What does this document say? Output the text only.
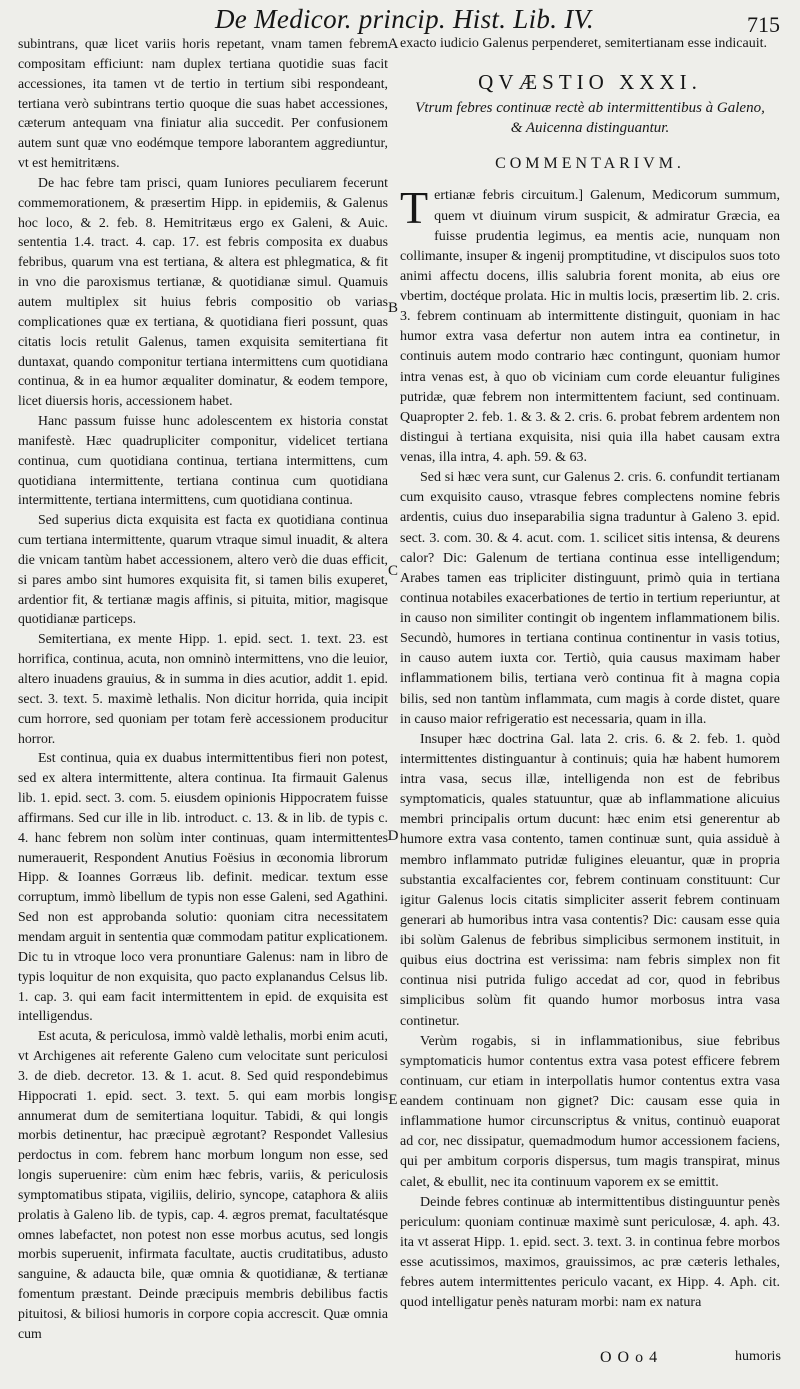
De Medicor. princip. Hist. Lib. IV.	715

subintrans, quæ licet variis horis repetant, vnam tamen febrem compositam efficiunt: nam duplex tertiana quotidie suas facit accessiones, ita tamen vt de tertio in tertium sibi respondeant, tertiana verò subintrans tertio quoque die suas habet accessiones, cæterum antequam vna finiatur alia succedit. Per confusionem autem sunt quæ vno eodémque tempore laborantem aggrediuntur, vt est hemitritæns.

De hac febre tam prisci, quam Iuniores peculiarem fecerunt commemorationem, & præsertim Hipp. in epidemiis, & Galenus hoc loco, & 2. feb. 8. Hemitritæus ergo ex Galeni, & Auic. sententia 1.4. tract. 4. cap. 17. est febris composita ex duabus febribus, quarum vna est tertiana, & altera est phlegmatica, & fit in vno die paroxismus tertianæ, & quotidianæ simul. Quamuis autem multiplex sit huius febris compositio ob varias complicationes quæ ex tertiana, & quotidiana fieri possunt, quas citatis locis retulit Galenus, tamen exquisita semitertiana fit duntaxat, quando componitur tertiana intermittens cum quotidiana continua, & in ea humor æqualiter dominatur, & eodem tempore, licet diuersis horis, accessionem habet.

Hanc passum fuisse hunc adolescentem ex historia constat manifestè. Hæc quadrupliciter componitur, videlicet tertiana continua, cum quotidiana continua, tertiana intermittens, cum quotidiana intermittente, tertiana continua cum quotidiana intermittente, tertiana intermittens, cum quotidiana continua.

Sed superius dicta exquisita est facta ex quotidiana continua cum tertiana intermittente, quarum vtraque simul inuadit, & altera die vnicam tantùm habet accessionem, altero verò die duas efficit, si pares ambo sint humores exquisita fit, si tamen bilis exuperet, ardentior fit, & tertianæ magis affinis, si pituita, mitior, magisque quotidianæ particeps.

Semitertiana, ex mente Hipp. 1. epid. sect. 1. text. 23. est horrifica, continua, acuta, non omninò intermittens, vno die leuior, altero inuadens grauius, & in summa in dies acutior, addit 1. epid. sect. 3. text. 5. maximè lethalis. Non dicitur horrida, quia incipit cum horrore, sed quoniam per totam ferè accessionem producitur horror.

Est continua, quia ex duabus intermittentibus fieri non potest, sed ex altera intermittente, altera continua. Ita firmauit Galenus lib. 1. epid. sect. 3. com. 5. eiusdem opinionis Hippocratem fuisse affirmans. Sed cur ille in lib. introduct. c. 13. & in lib. de typis c. 4. hanc febrem non solùm inter continuas, quam intermittentes numerauerit, Respondent Anutius Foësius in œconomia librorum Hipp. & Ioannes Gorræus lib. definit. medicar. textum esse corruptum, immò libellum de typis non esse Galeni, sed Agathini. Sed non est approbanda solutio: quoniam citra necessitatem mendam arguit in sententia quæ commodam patitur explicationem. Dic tu in vtroque loco vera pronuntiare Galenus: nam in libro de typis loquitur de non exquisita, quo pacto explanandus Celsus lib. 1. cap. 3. qui eam facit intermittentem in epid. de exquisita est intelligendus.

Est acuta, & periculosa, immò valdè lethalis, morbi enim acuti, vt Archigenes ait referente Galeno cum velocitate sunt periculosi 3. de dieb. decretor. 13. & 1. acut. 8. Sed quid respondebimus Hippocrati 1. epid. sect. 3. text. 5. qui eam morbis longis annumerat dum de semitertiana loquitur. Tabidi, & qui longis morbis detinentur, hac præcipuè ægrotant? Respondet Vallesius perdoctus in com. febrem hanc morbum longum non esse, sed longis superuenire: cùm enim hæc febris, variis, & periculosis symptomatibus stipata, vigiliis, delirio, syncope, cataphora & aliis prolatis à Galeno lib. de typis, cap. 4. ægros premat, facultatésque omnes labefactet, non potest non esse morbus acutus, sed longis morbis superuenit, infirmata facultate, auctis cruditatibus, adusto sanguine, & adaucta bile, quæ omnia & quotidianæ, & tertianæ fomentum præstant. Deinde præcipuis membris debilibus factis pituitosi, & biliosi humoris in corpore copia accrescit. Quæ omnia cum

A
B
C
D
E

exacto iudicio Galenus perpenderet, semitertianam esse indicauit.

QVÆSTIO XXXI.
Vtrum febres continuæ rectè ab intermittentibus à Galeno, & Auicenna distinguantur.
COMMENTARIVM.

Tertianæ febris circuitum.] Galenum, Medicorum summum, quem vt diuinum virum suspicit, & admiratur Græcia, ea fuisse prudentia legimus, ea mentis acie, nunquam non collimante, insuper & ingenij promptitudine, vt discipulos suos toto animi affectu docens, illis salubria forent monita, ab eius ore vbertim, doctéque prolata. Hic in multis locis, præsertim lib. 2. cris. 3. febrem continuam ab intermittente distinguit, quoniam in hac humor extra vasa defertur non autem intra ea continetur, in continuis autem modo contrario hæc contingunt, quoniam humor intra venas est, à quo ob viciniam cum corde eleuantur fuligines putridæ, quæ febrem non intermittentem faciunt, sed continuam. Quapropter 2. feb. 1. & 3. & 2. cris. 6. probat febrem ardentem non distingui à tertiana exquisita, nisi quia illa habet causam extra venas, illa intra, 4. aph. 59. & 63.

Sed si hæc vera sunt, cur Galenus 2. cris. 6. confundit tertianam cum exquisito causo, vtrasque febres complectens nomine febris ardentis, cuius duo inseparabilia signa traduntur à Galeno 3. epid. sect. 3. com. 30. & 4. acut. com. 1. scilicet sitis intensa, & deurens calor? Dic: Galenum de tertiana continua esse intelligendum; Arabes tamen eas tripliciter distinguunt, primò quia in tertiana continua notabiles exacerbationes de tertio in tertium reperiuntur, at in causo non similiter contingit ob ingentem inflammationem bilis. Secundò, humores in tertiana continua continentur in vasis totius, in causo autem iuxta cor. Tertiò, quia causus maximam haber inflammationem bilis, tertiana verò continua fit à magna copia bilis, sed non tantùm inflammata, cum magis à corde distet, quare in causo maior refrigeratio est necessaria, quam in illa.

Insuper hæc doctrina Gal. lata 2. cris. 6. & 2. feb. 1. quòd intermittentes distinguantur à continuis; quia hæ habent humorem intra vasa, secus illæ, intelligenda non est de febribus symptomaticis, quales statuuntur, quæ ab inflammatione alicuius membri principalis ortum ducunt: hæc enim etsi generentur ab humore extra vasa contento, tamen continuæ sunt, quia assiduè à membro inflammato putridæ fuligines eleuantur, quæ in propria substantia excalfacientes cor, febrem continuam constituunt: Cur igitur Galenus locis citatis simpliciter asserit febrem continuam generari ab humoribus intra vasa contentis? Dic: causam esse quia ibi solùm Galenus de febribus simplicibus sermonem instituit, in quibus eius doctrina est verissima: nam febris simplex non fit continua nisi putrida fuligo accedat ad cor, quod in febribus simplicibus solùm fit quando humor morbosus intra vasa continetur.

Verùm rogabis, si in inflammationibus, siue febribus symptomaticis humor contentus extra vasa potest efficere febrem continuam, cur etiam in interpollatis humor contentus extra vasa eandem continuam non gignet? Dic: causam esse quia in inflammatione humor circunscriptus & vnitus, continuò euaporat ad cor, nec dissipatur, quemadmodum humor accessionem faciens, qui per ambitum corporis dispersus, tum magis transpirat, minus calet, & ebullit, nec ita continuum vaporem ex se emittit.

Deinde febres continuæ ab intermittentibus distinguuntur penès periculum: quoniam continuæ maximè sunt periculosæ, 4. aph. 43. ita vt asserat Hipp. 1. epid. sect. 3. text. 3. in continua febre morbos esse acutissimos, maximos, grauissimos, ac præ cæteris lethales, febres autem intermittentes periculo vacant, ex Hipp. 4. Aph. cit. quod intelligatur penès naturam morbi: nam ex natura

O O o 4	humoris
